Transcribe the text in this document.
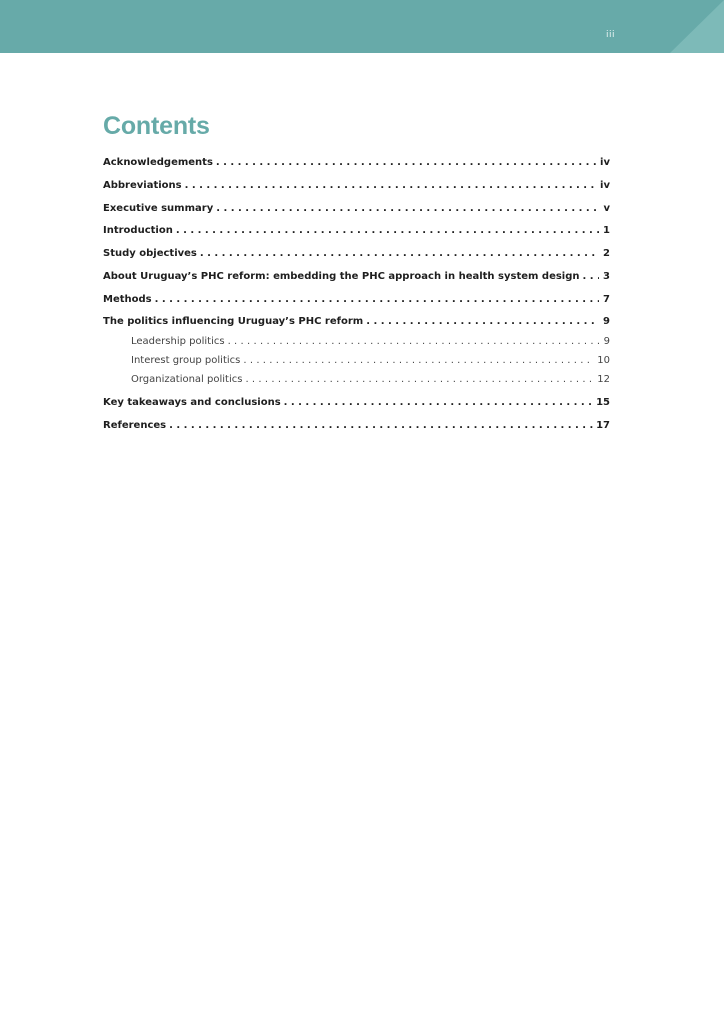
iii
Contents
Acknowledgements .....	iv
Abbreviations .....	iv
Executive summary .....	v
Introduction .....	1
Study objectives .....	2
About Uruguay’s PHC reform: embedding the PHC approach in health system design ..... 3
Methods .....	7
The politics influencing Uruguay’s PHC reform .....	9
Leadership politics .....	9
Interest group politics .....	10
Organizational politics .....	12
Key takeaways and conclusions .....	15
References .....	17
